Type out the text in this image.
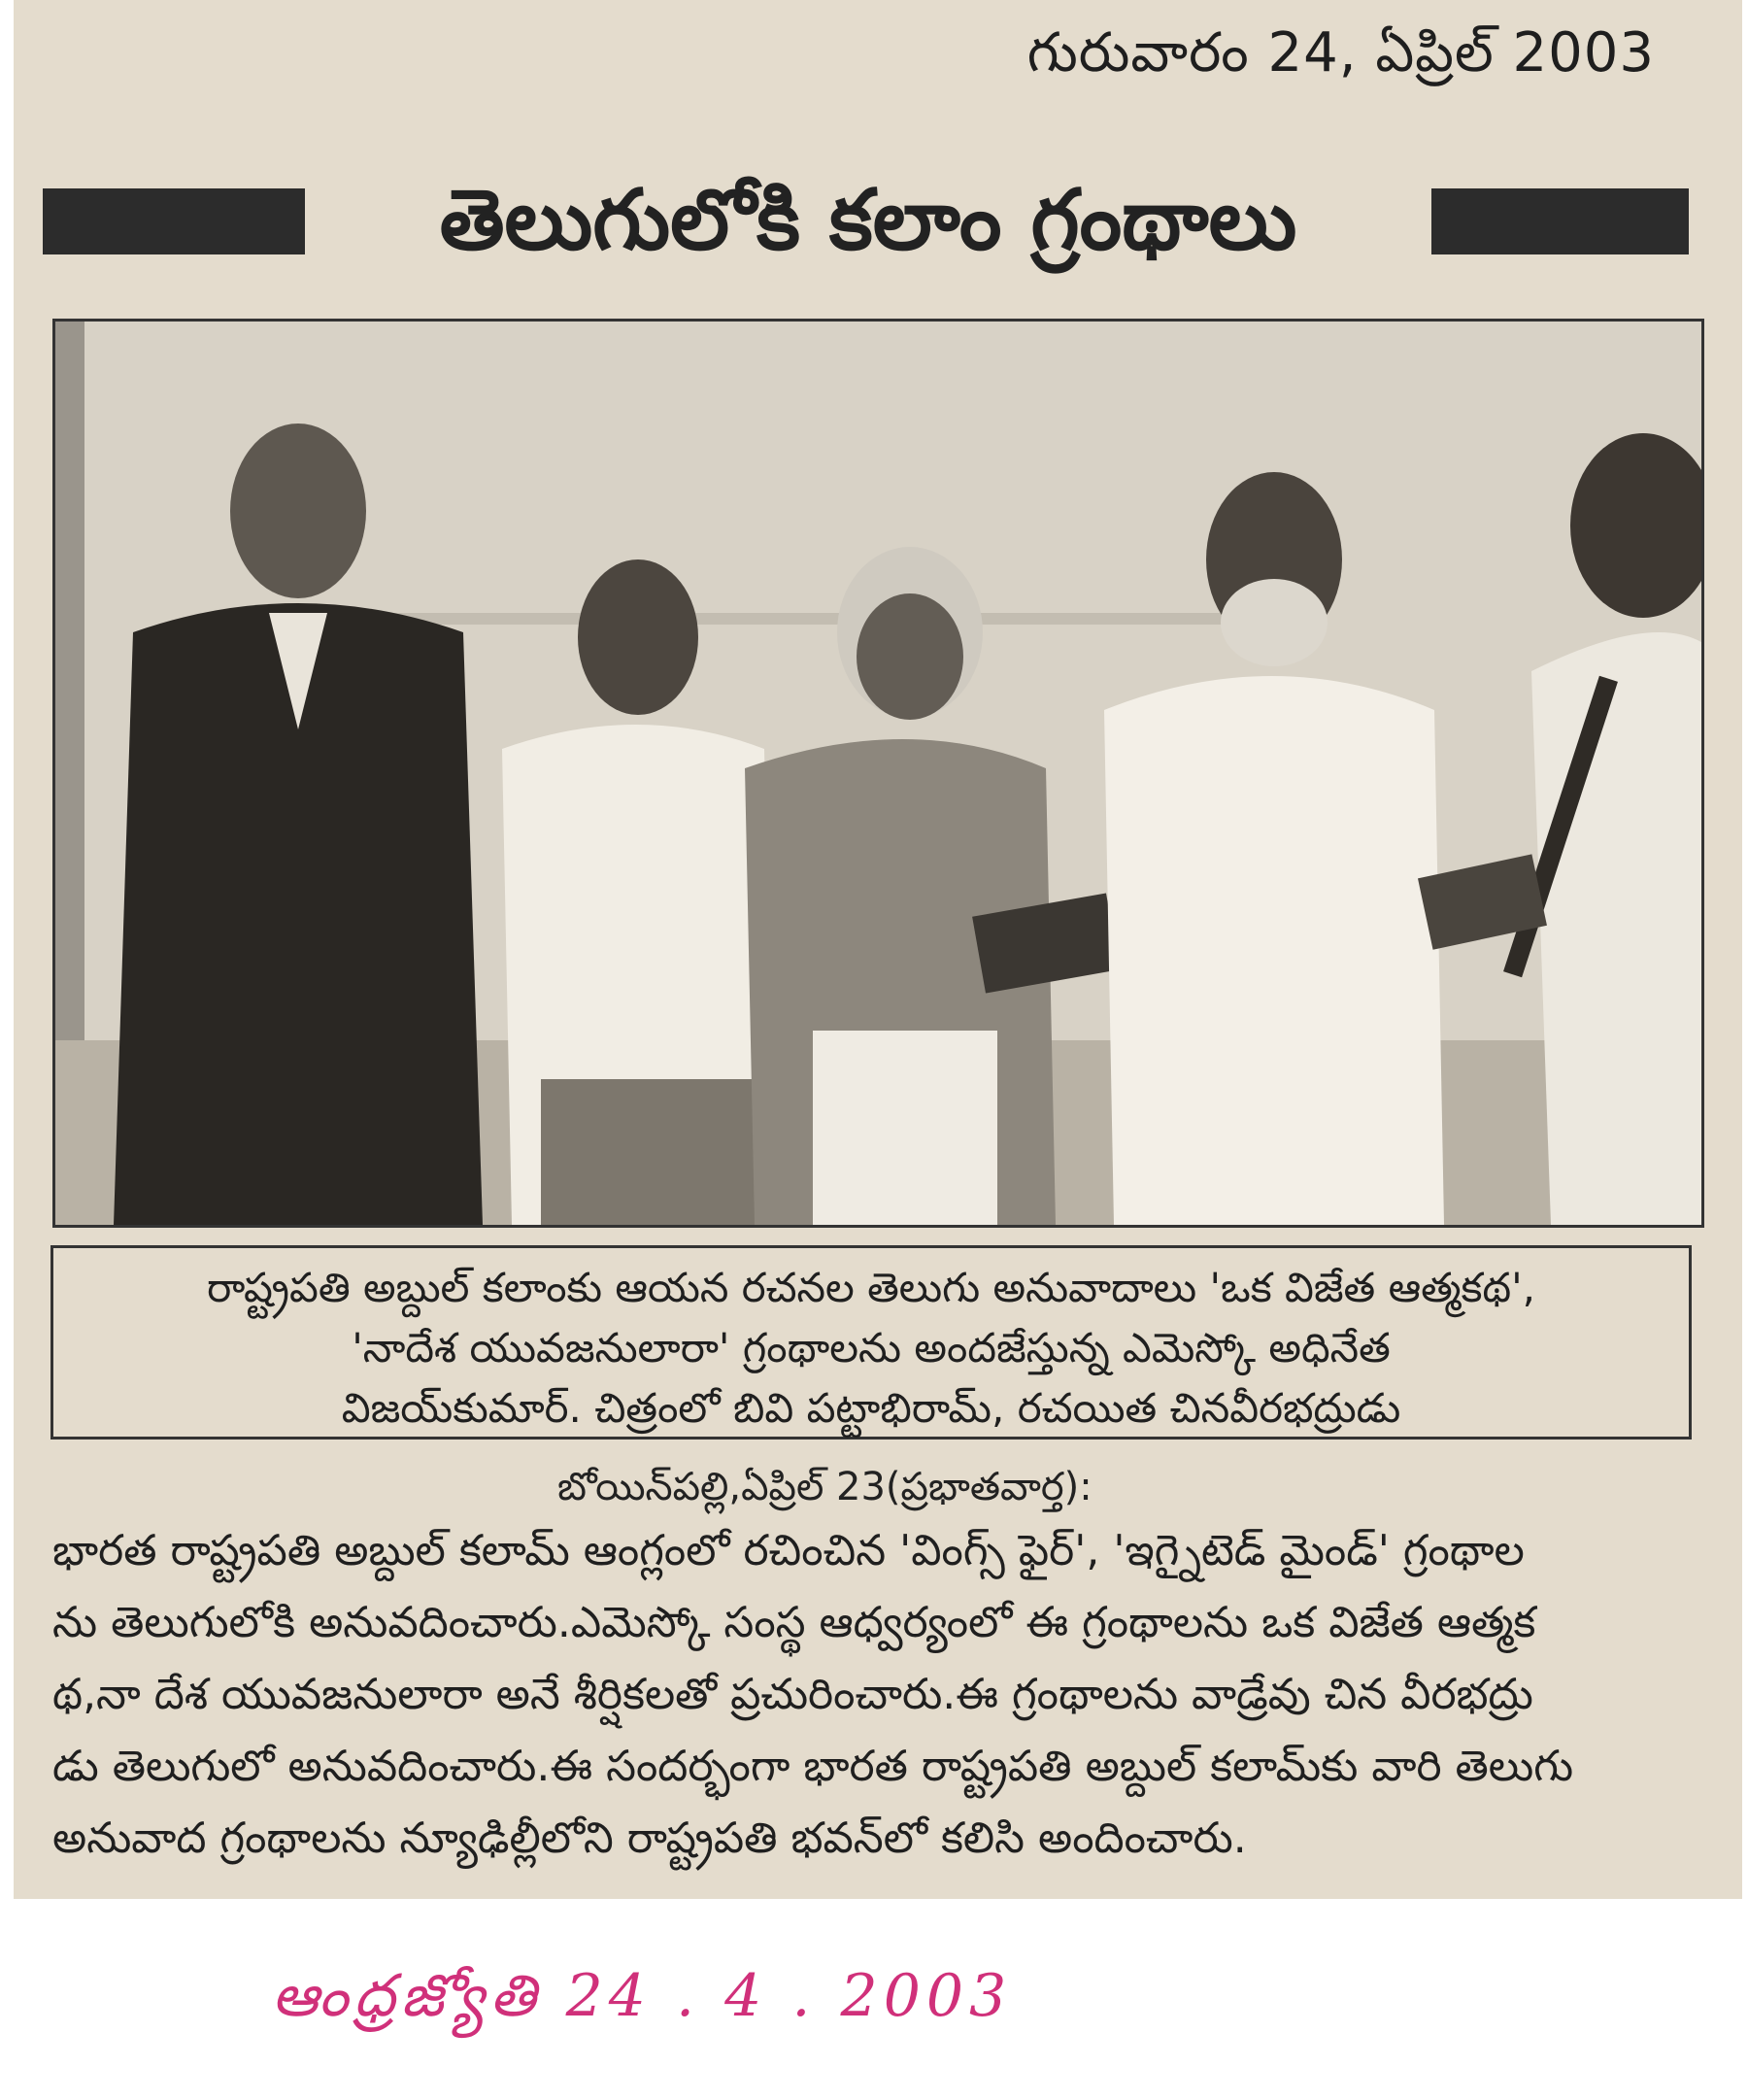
గురువారం 24, ఏప్రిల్ 2003
తెలుగులోకి కలాం గ్రంథాలు
రాష్ట్రపతి అబ్దుల్ కలాంకు ఆయన రచనల తెలుగు అనువాదాలు 'ఒక విజేత ఆత్మకథ',
'నాదేశ యువజనులారా' గ్రంథాలను అందజేస్తున్న ఎమెస్కో అధినేత
విజయ్‌కుమార్. చిత్రంలో బివి పట్టాభిరామ్, రచయిత చినవీరభద్రుడు
బోయిన్‌పల్లి,ఏప్రిల్ 23(ప్రభాతవార్త):
భారత రాష్ట్రపతి అబ్దుల్ కలామ్ ఆంగ్లంలో రచించిన 'వింగ్స్ ఫైర్', 'ఇగ్నైటెడ్ మైండ్' గ్రంథాల
ను తెలుగులోకి అనువదించారు.ఎమెస్కో సంస్థ ఆధ్వర్యంలో ఈ గ్రంథాలను ఒక విజేత ఆత్మక
థ,నా దేశ యువజనులారా అనే శీర్షికలతో ప్రచురించారు.ఈ గ్రంథాలను వాడ్రేవు చిన వీరభద్రు
డు తెలుగులో అనువదించారు.ఈ సందర్భంగా భారత రాష్ట్రపతి అబ్దుల్ కలామ్‌కు వారి తెలుగు
అనువాద గ్రంథాలను న్యూఢిల్లీలోని రాష్ట్రపతి భవన్‌లో కలిసి అందించారు.
ఆంధ్రజ్యోతి 24 . 4 . 2003
